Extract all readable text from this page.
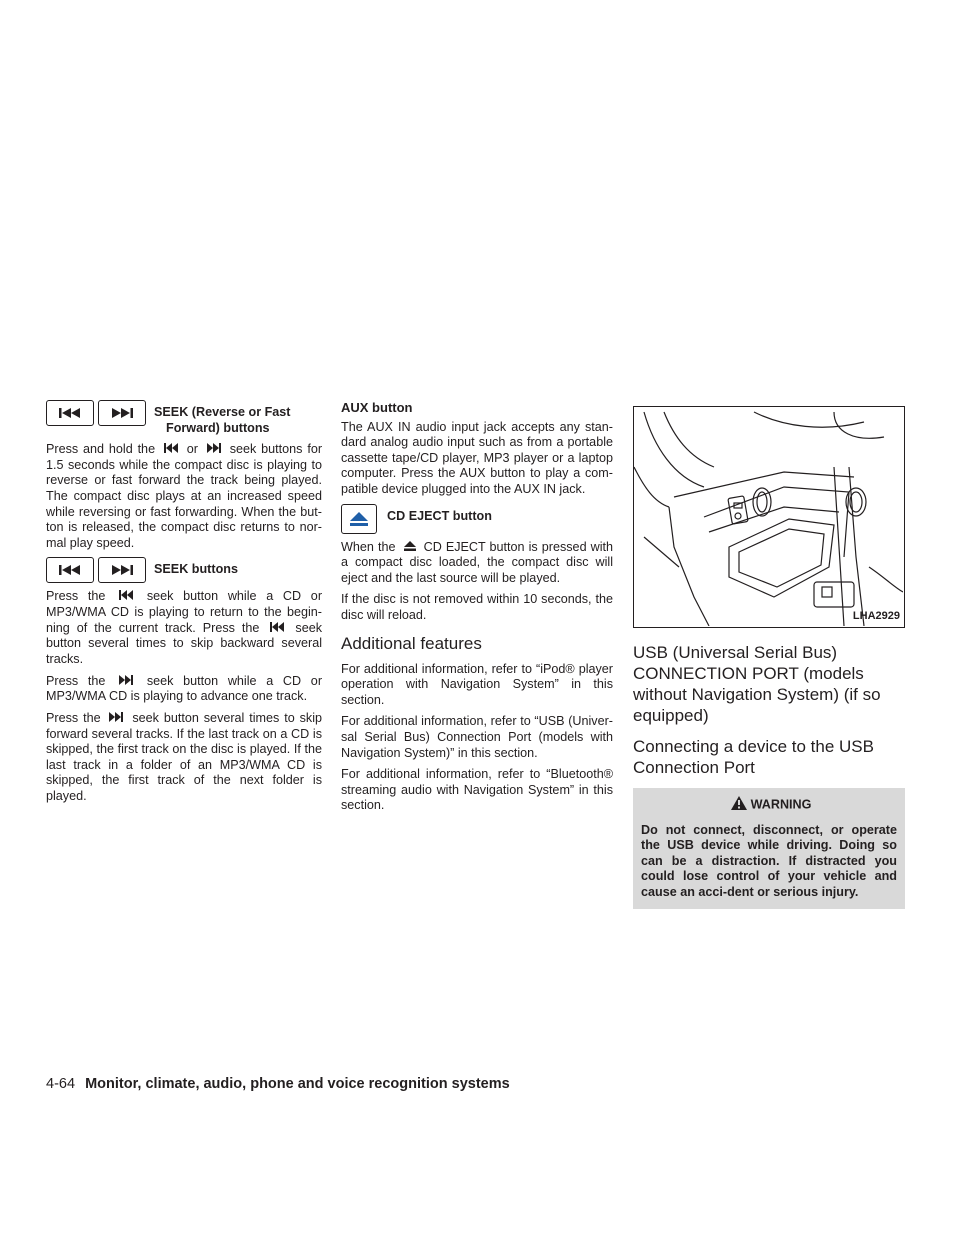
SEEK (Reverse or Fast
Forward) buttons

Press and hold the	or	seek buttons for 1.5 seconds while the compact disc is playing to reverse or fast forward the track being played. The compact disc plays at an increased speed while reversing or fast forwarding. When the but-ton is released, the compact disc returns to nor-mal play speed.

SEEK buttons

Press the	seek button while a CD or MP3/WMA CD is playing to return to the begin-ning of the current track. Press the	seek button several times to skip backward several tracks.

Press the	seek button while a CD or MP3/WMA CD is playing to advance one track.

Press the	seek button several times to skip forward several tracks. If the last track on a CD is skipped, the first track on the disc is played. If the last track in a folder of an MP3/WMA CD is skipped, the first track of the next folder is played.

AUX button

The AUX IN audio input jack accepts any stan-dard analog audio input such as from a portable cassette tape/CD player, MP3 player or a laptop computer. Press the AUX button to play a com-patible device plugged into the AUX IN jack.

CD EJECT button

When the CD EJECT button is pressed with a compact disc loaded, the compact disc will eject and the last source will be played.

If the disc is not removed within 10 seconds, the disc will reload.

Additional features

For additional information, refer to “iPod® player operation with Navigation System” in this section.

For additional information, refer to “USB (Univer-sal Serial Bus) Connection Port (models with Navigation System)” in this section.

For additional information, refer to “Bluetooth® streaming audio with Navigation System” in this section.

LHA2929
USB (Universal Serial Bus) CONNECTION PORT (models without Navigation System) (if so equipped)
Connecting a device to the USB Connection Port
WARNING
Do not connect, disconnect, or operate the USB device while driving. Doing so can be a distraction. If distracted you could lose control of your vehicle and cause an acci-dent or serious injury.
4-64 Monitor, climate, audio, phone and voice recognition systems
